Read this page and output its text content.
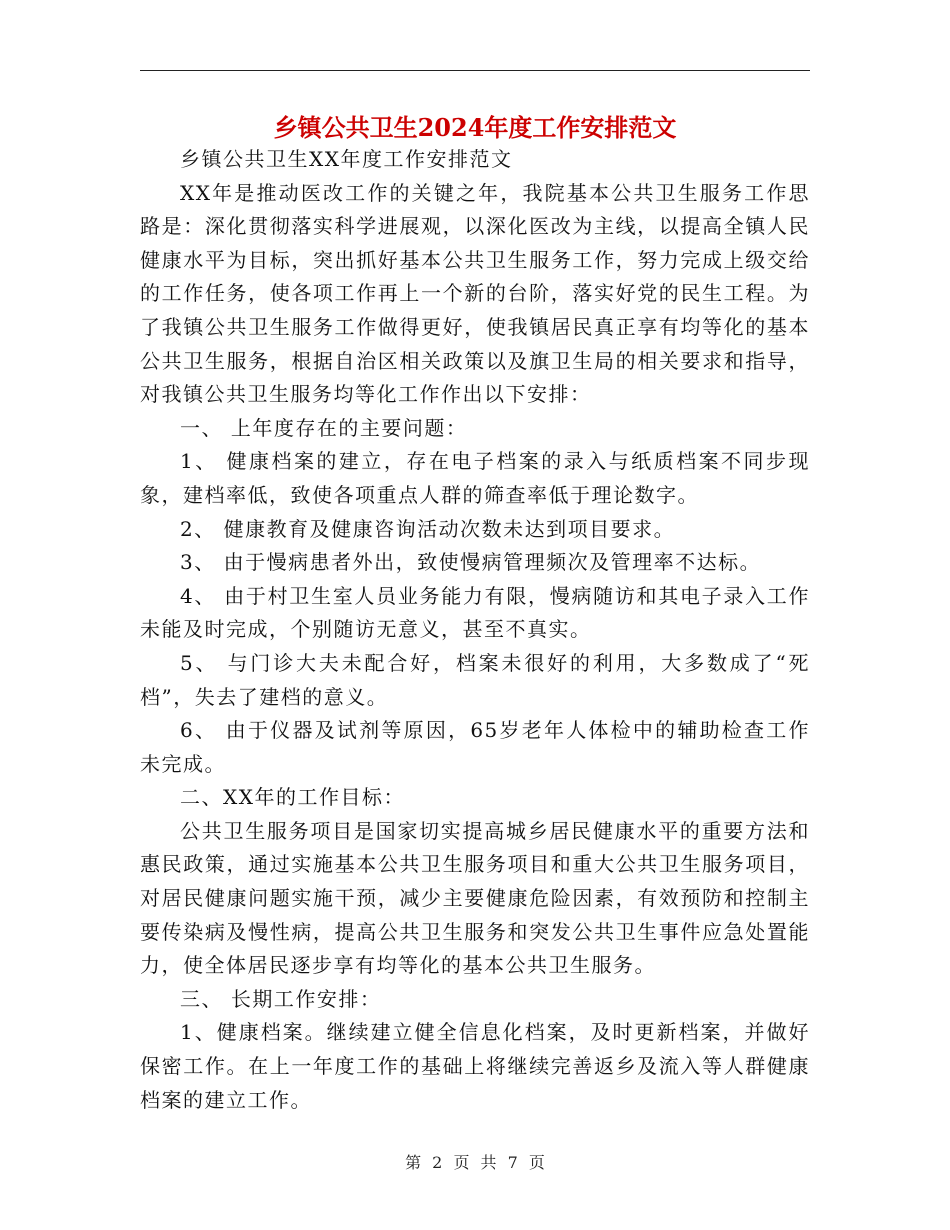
乡镇公共卫生2024年度工作安排范文

乡镇公共卫生XX年度工作安排范文

XX年是推动医改工作的关键之年，我院基本公共卫生服务工作思路是：深化贯彻落实科学进展观，以深化医改为主线，以提高全镇人民健康水平为目标，突出抓好基本公共卫生服务工作，努力完成上级交给的工作任务，使各项工作再上一个新的台阶，落实好党的民生工程。为了我镇公共卫生服务工作做得更好，使我镇居民真正享有均等化的基本公共卫生服务，根据自治区相关政策以及旗卫生局的相关要求和指导，对我镇公共卫生服务均等化工作作出以下安排：

一、 上年度存在的主要问题：

1、 健康档案的建立，存在电子档案的录入与纸质档案不同步现象，建档率低，致使各项重点人群的筛查率低于理论数字。

2、 健康教育及健康咨询活动次数未达到项目要求。

3、 由于慢病患者外出，致使慢病管理频次及管理率不达标。

4、 由于村卫生室人员业务能力有限，慢病随访和其电子录入工作未能及时完成，个别随访无意义，甚至不真实。

5、 与门诊大夫未配合好，档案未很好的利用，大多数成了“死档”，失去了建档的意义。

6、 由于仪器及试剂等原因，65岁老年人体检中的辅助检查工作未完成。

二、XX年的工作目标：

公共卫生服务项目是国家切实提高城乡居民健康水平的重要方法和惠民政策，通过实施基本公共卫生服务项目和重大公共卫生服务项目，对居民健康问题实施干预，减少主要健康危险因素，有效预防和控制主要传染病及慢性病，提高公共卫生服务和突发公共卫生事件应急处置能力，使全体居民逐步享有均等化的基本公共卫生服务。

三、 长期工作安排：

1、健康档案。继续建立健全信息化档案，及时更新档案，并做好保密工作。在上一年度工作的基础上将继续完善返乡及流入等人群健康档案的建立工作。

第 2 页 共 7 页
